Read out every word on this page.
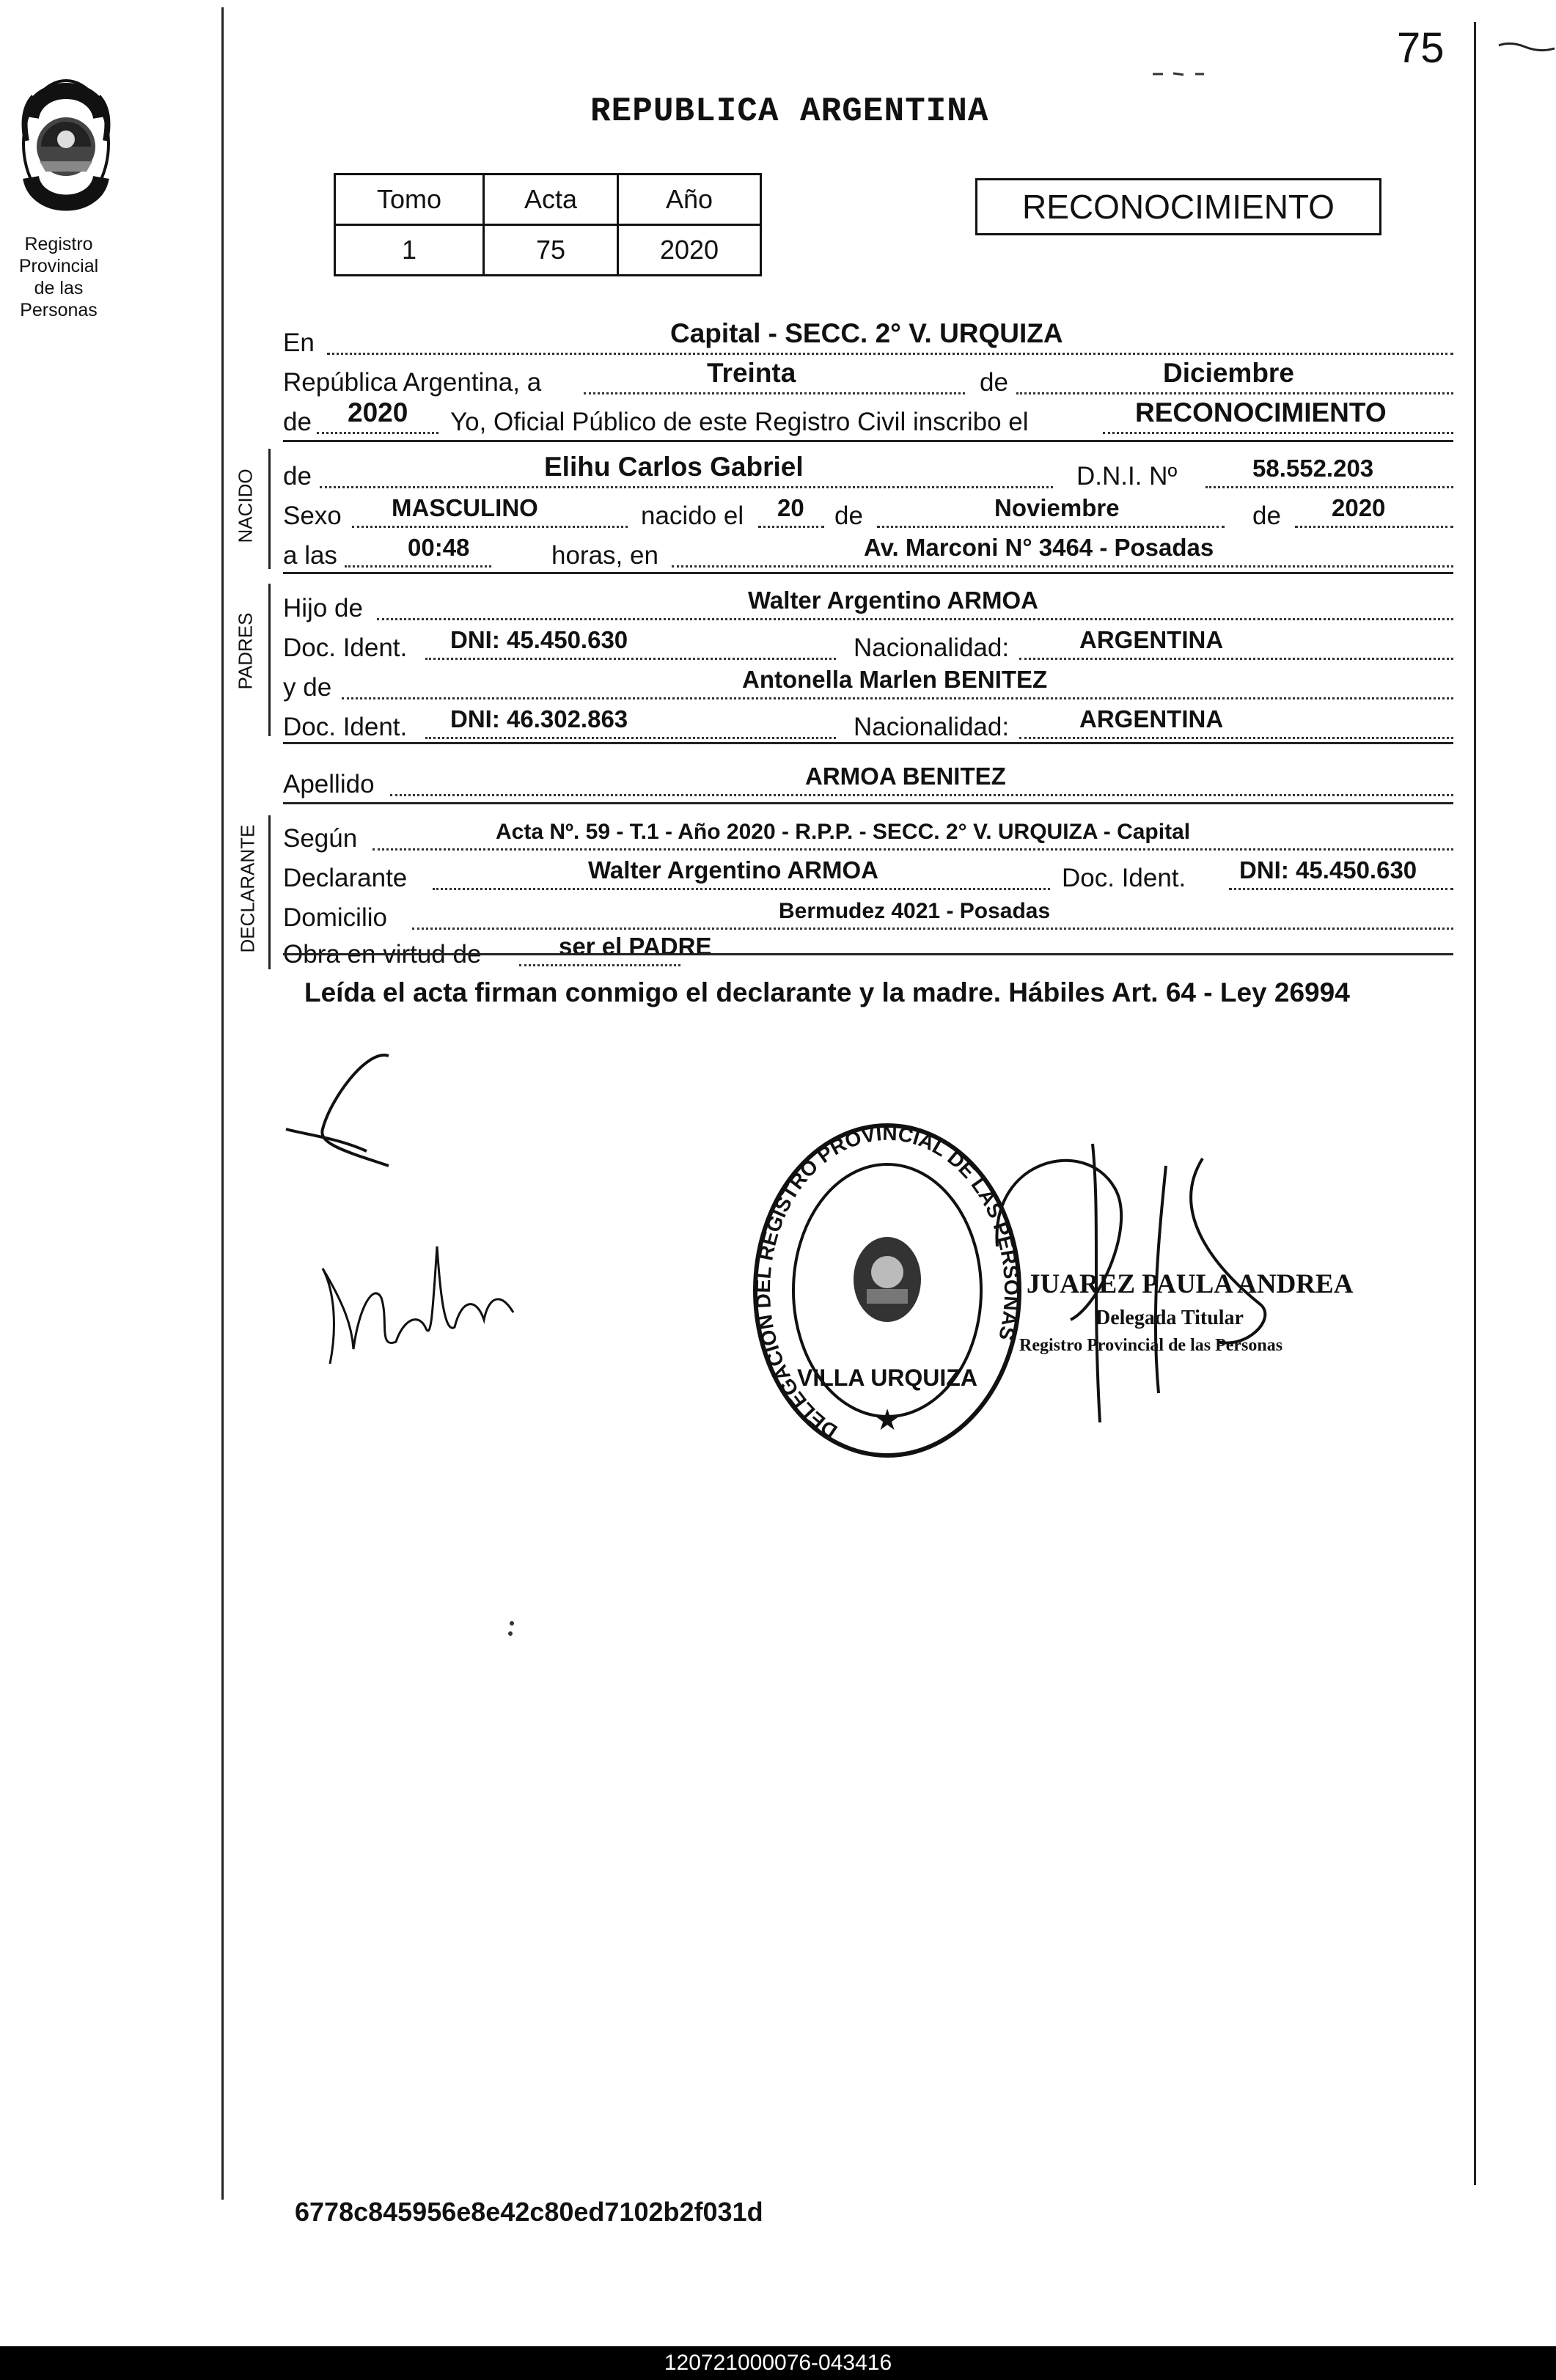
75
Registro Provincial
de las Personas
REPUBLICA ARGENTINA
Tomo	Acta	Año
1	75	2020
RECONOCIMIENTO
En	Capital - SECC. 2° V. URQUIZA
República Argentina, a	Treinta	de	Diciembre
de 2020 Yo, Oficial Público de este Registro Civil inscribo el	RECONOCIMIENTO
NACIDO de	Elihu Carlos Gabriel	D.N.I. Nº	58.552.203
Sexo MASCULINO	nacido el 20 de	Noviembre	de 2020
a las	00:48	horas, en	Av. Marconi N° 3464 - Posadas
PADRES
Hijo de	Walter Argentino ARMOA
Doc. Ident. DNI: 45.450.630	Nacionalidad:	ARGENTINA
y de	Antonella Marlen BENITEZ
Doc. Ident. DNI: 46.302.863	Nacionalidad:	ARGENTINA
Apellido	ARMOA BENITEZ
DECLARANTE Según	Acta Nº. 59 - T.1 - Año 2020 - R.P.P. - SECC. 2° V. URQUIZA - Capital
Declarante	Walter Argentino ARMOA	Doc. Ident. DNI: 45.450.630
Domicilio	Bermudez 4021 - Posadas
Obra en virtud de	ser el PADRE
Leída el acta firman conmigo el declarante y la madre. Hábiles Art. 64 - Ley 26994
DELEGACION DEL REGISTRO PROVINCIAL DE LAS PERSONAS
VILLA URQUIZA
★
JUAREZ PAULA ANDREA
Delegada Titular
Registro Provincial de las Personas
6778c845956e8e42c80ed7102b2f031d
120721000076-043416
